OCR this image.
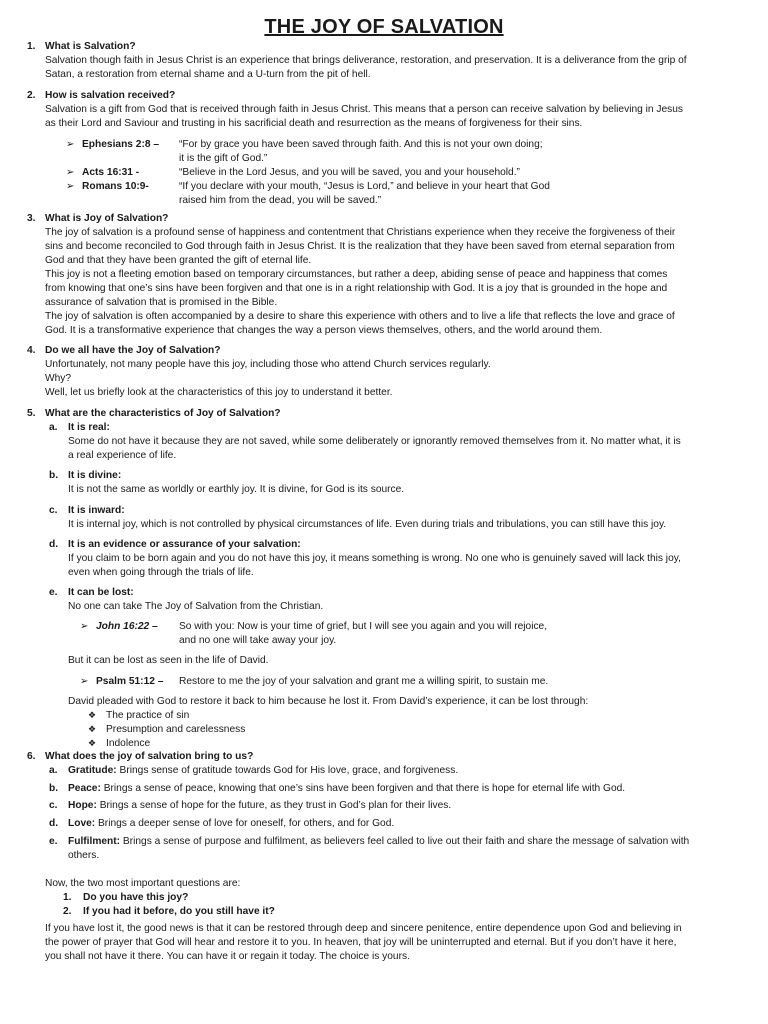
THE JOY OF SALVATION
1. What is Salvation?
Salvation though faith in Jesus Christ is an experience that brings deliverance, restoration, and preservation. It is a deliverance from the grip of
Satan, a restoration from eternal shame and a U-turn from the pit of hell.
2. How is salvation received?
Salvation is a gift from God that is received through faith in Jesus Christ. This means that a person can receive salvation by believing in Jesus
as their Lord and Saviour and trusting in his sacrificial death and resurrection as the means of forgiveness for their sins.
➢ Ephesians 2:8 – “For by grace you have been saved through faith. And this is not your own doing;
it is the gift of God.”
➢ Acts 16:31 -	“Believe in the Lord Jesus, and you will be saved, you and your household.”
➢ Romans 10:9-	“If you declare with your mouth, “Jesus is Lord,” and believe in your heart that God
raised him from the dead, you will be saved.”
3. What is Joy of Salvation?
The joy of salvation is a profound sense of happiness and contentment that Christians experience when they receive the forgiveness of their
sins and become reconciled to God through faith in Jesus Christ. It is the realization that they have been saved from eternal separation from
God and that they have been granted the gift of eternal life.
This joy is not a fleeting emotion based on temporary circumstances, but rather a deep, abiding sense of peace and happiness that comes
from knowing that one’s sins have been forgiven and that one is in a right relationship with God. It is a joy that is grounded in the hope and
assurance of salvation that is promised in the Bible.
The joy of salvation is often accompanied by a desire to share this experience with others and to live a life that reflects the love and grace of
God. It is a transformative experience that changes the way a person views themselves, others, and the world around them.
4. Do we all have the Joy of Salvation?
Unfortunately, not many people have this joy, including those who attend Church services regularly.
Why?
Well, let us briefly look at the characteristics of this joy to understand it better.
5. What are the characteristics of Joy of Salvation?
a. It is real:
Some do not have it because they are not saved, while some deliberately or ignorantly removed themselves from it. No matter what, it is
a real experience of life.
b. It is divine:
It is not the same as worldly or earthly joy. It is divine, for God is its source.
c. It is inward:
It is internal joy, which is not controlled by physical circumstances of life. Even during trials and tribulations, you can still have this joy.
d. It is an evidence or assurance of your salvation:
If you claim to be born again and you do not have this joy, it means something is wrong. No one who is genuinely saved will lack this joy,
even when going through the trials of life.
e. It can be lost:
No one can take The Joy of Salvation from the Christian.
➢ John 16:22 – So with you: Now is your time of grief, but I will see you again and you will rejoice,
and no one will take away your joy.
But it can be lost as seen in the life of David.
➢ Psalm 51:12 – Restore to me the joy of your salvation and grant me a willing spirit, to sustain me.
David pleaded with God to restore it back to him because he lost it. From David’s experience, it can be lost through:
❖ The practice of sin
❖ Presumption and carelessness
❖ Indolence
6. What does the joy of salvation bring to us?
a. Gratitude: Brings sense of gratitude towards God for His love, grace, and forgiveness.
b. Peace: Brings a sense of peace, knowing that one’s sins have been forgiven and that there is hope for eternal life with God.
c. Hope: Brings a sense of hope for the future, as they trust in God’s plan for their lives.
d. Love: Brings a deeper sense of love for oneself, for others, and for God.
e. Fulfilment: Brings a sense of purpose and fulfilment, as believers feel called to live out their faith and share the message of salvation with
others.
Now, the two most important questions are:
1. Do you have this joy?
2. If you had it before, do you still have it?
If you have lost it, the good news is that it can be restored through deep and sincere penitence, entire dependence upon God and believing in
the power of prayer that God will hear and restore it to you. In heaven, that joy will be uninterrupted and eternal. But if you don’t have it here,
you shall not have it there. You can have it or regain it today. The choice is yours.
